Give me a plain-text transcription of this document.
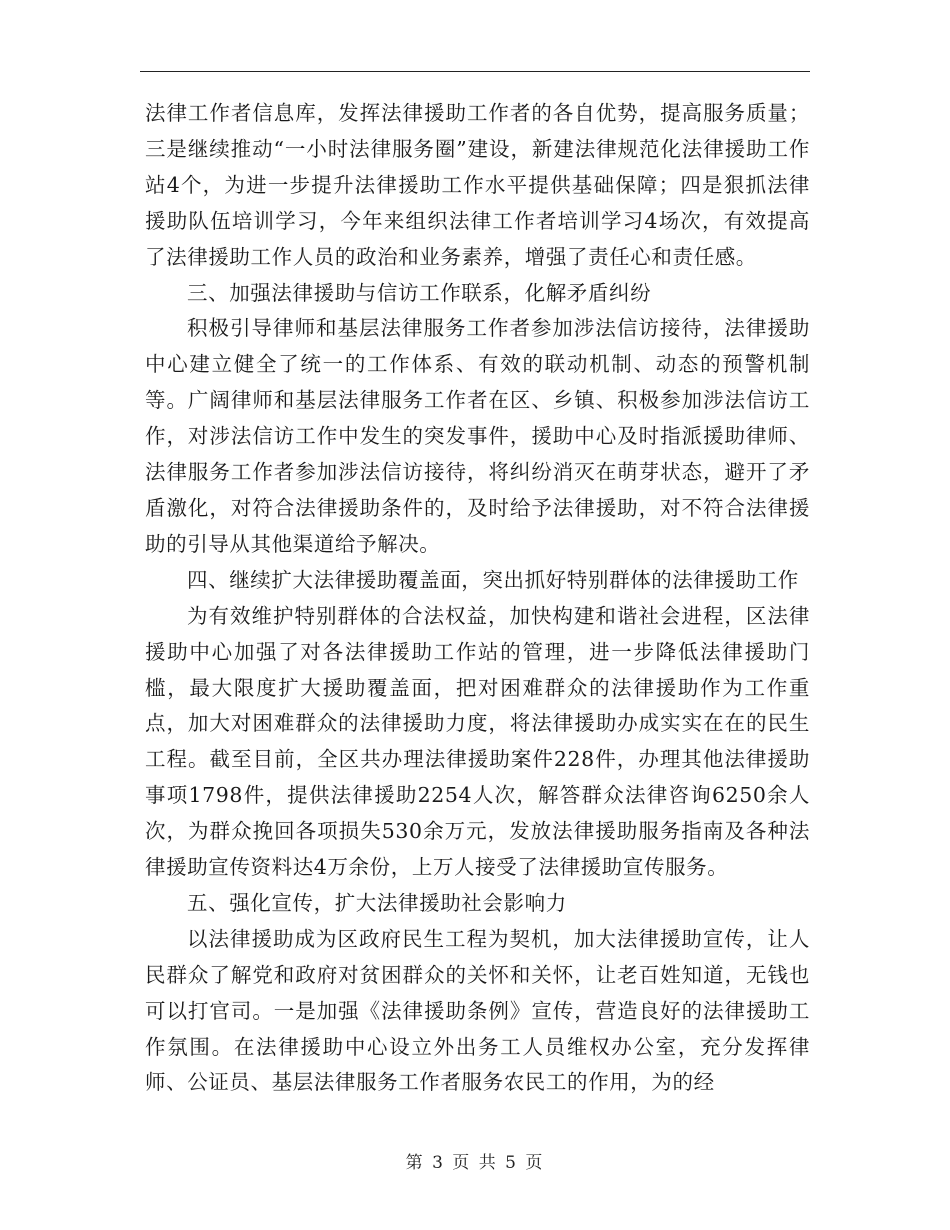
法律工作者信息库，发挥法律援助工作者的各自优势，提高服务质量；三是继续推动“一小时法律服务圈”建设，新建法律规范化法律援助工作站4个，为进一步提升法律援助工作水平提供基础保障；四是狠抓法律援助队伍培训学习，今年来组织法律工作者培训学习4场次，有效提高了法律援助工作人员的政治和业务素养，增强了责任心和责任感。

三、加强法律援助与信访工作联系，化解矛盾纠纷

积极引导律师和基层法律服务工作者参加涉法信访接待，法律援助中心建立健全了统一的工作体系、有效的联动机制、动态的预警机制等。广阔律师和基层法律服务工作者在区、乡镇、积极参加涉法信访工作，对涉法信访工作中发生的突发事件，援助中心及时指派援助律师、法律服务工作者参加涉法信访接待，将纠纷消灭在萌芽状态，避开了矛盾激化，对符合法律援助条件的，及时给予法律援助，对不符合法律援助的引导从其他渠道给予解决。

四、继续扩大法律援助覆盖面，突出抓好特别群体的法律援助工作

为有效维护特别群体的合法权益，加快构建和谐社会进程，区法律援助中心加强了对各法律援助工作站的管理，进一步降低法律援助门槛，最大限度扩大援助覆盖面，把对困难群众的法律援助作为工作重点，加大对困难群众的法律援助力度，将法律援助办成实实在在的民生工程。截至目前，全区共办理法律援助案件228件，办理其他法律援助事项1798件，提供法律援助2254人次，解答群众法律咨询6250余人次，为群众挽回各项损失530余万元，发放法律援助服务指南及各种法律援助宣传资料达4万余份，上万人接受了法律援助宣传服务。

五、强化宣传，扩大法律援助社会影响力

以法律援助成为区政府民生工程为契机，加大法律援助宣传，让人民群众了解党和政府对贫困群众的关怀和关怀，让老百姓知道，无钱也可以打官司。一是加强《法律援助条例》宣传，营造良好的法律援助工作氛围。在法律援助中心设立外出务工人员维权办公室，充分发挥律师、公证员、基层法律服务工作者服务农民工的作用，为的经

第 3 页 共 5 页
